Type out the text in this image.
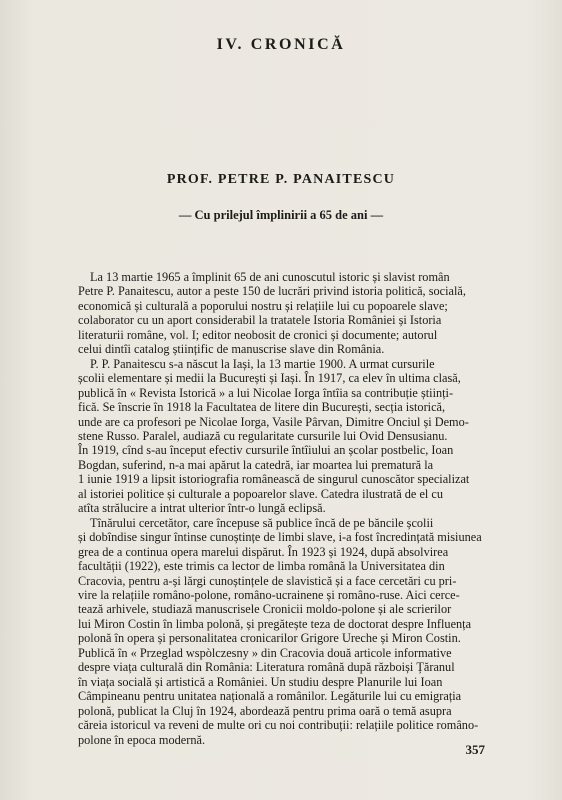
IV. CRONICĂ
PROF. PETRE P. PANAITESCU
— Cu prilejul împlinirii a 65 de ani —
La 13 martie 1965 a împlinit 65 de ani cunoscutul istoric și slavist român
Petre P. Panaitescu, autor a peste 150 de lucrări privind istoria politică, socială,
economică și culturală a poporului nostru și relațiile lui cu popoarele slave;
colaborator cu un aport considerabil la tratatele Istoria României și Istoria
literaturii române, vol. I; editor neobosit de cronici și documente; autorul
celui dintîi catalog științific de manuscrise slave din România.
P. P. Panaitescu s-a născut la Iași, la 13 martie 1900. A urmat cursurile
școlii elementare și medii la București și Iași. În 1917, ca elev în ultima clasă,
publică în « Revista Istorică » a lui Nicolae Iorga întîia sa contribuție științi-
fică. Se înscrie în 1918 la Facultatea de litere din București, secția istorică,
unde are ca profesori pe Nicolae Iorga, Vasile Pârvan, Dimitre Onciul și Demo-
stene Russo. Paralel, audiază cu regularitate cursurile lui Ovid Densusianu.
În 1919, cînd s-au început efectiv cursurile întîiului an școlar postbelic, Ioan
Bogdan, suferind, n-a mai apărut la catedră, iar moartea lui prematură la
1 iunie 1919 a lipsit istoriografia românească de singurul cunoscător specializat
al istoriei politice și culturale a popoarelor slave. Catedra ilustrată de el cu
atîta strălucire a intrat ulterior într-o lungă eclipsă.
Tînărului cercetător, care începuse să publice încă de pe băncile școlii
și dobîndise singur întinse cunoștințe de limbi slave, i-a fost încredințată misiunea
grea de a continua opera marelui dispărut. În 1923 și 1924, după absolvirea
facultății (1922), este trimis ca lector de limba română la Universitatea din
Cracovia, pentru a-și lărgi cunoștințele de slavistică și a face cercetări cu pri-
vire la relațiile româno-polone, româno-ucrainene și româno-ruse. Aici cerce-
tează arhivele, studiază manuscrisele Cronicii moldo-polone și ale scrierilor
lui Miron Costin în limba polonă, și pregătește teza de doctorat despre Influența
polonă în opera și personalitatea cronicarilor Grigore Ureche și Miron Costin.
Publică în « Przeglad wspòlczesny » din Cracovia două articole informative
despre viața culturală din România: Literatura română după războiși Țăranul
în viața socială și artistică a României. Un studiu despre Planurile lui Ioan
Câmpineanu pentru unitatea națională a românilor. Legăturile lui cu emigrația
polonă, publicat la Cluj în 1924, abordează pentru prima oară o temă asupra
căreia istoricul va reveni de multe ori cu noi contribuții: relațiile politice româno-
polone în epoca modernă.
357
